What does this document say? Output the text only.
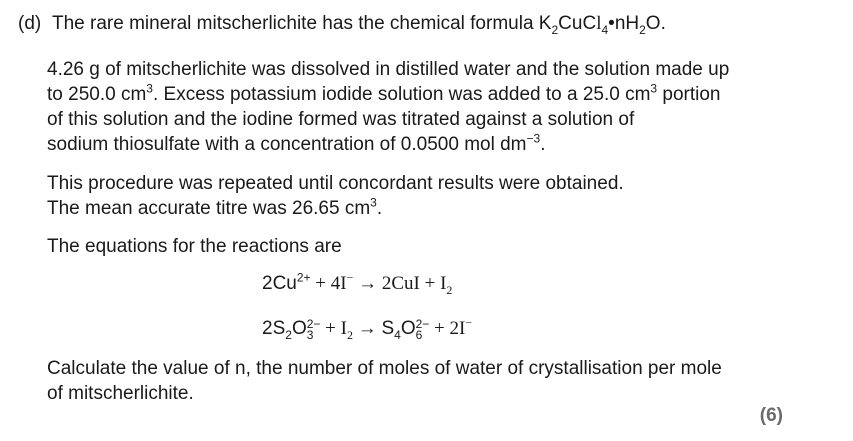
(d) The rare mineral mitscherlichite has the chemical formula $K_2CuCl_4•nH_2O$.
4.26 g of mitscherlichite was dissolved in distilled water and the solution made up
to 250.0 $cm^3$. Excess potassium iodide solution was added to a 25.0 $cm^3$ portion
of this solution and the iodine formed was titrated against a solution of
sodium thiosulfate with a concentration of 0.0500 mol $dm^{-3}$.
This procedure was repeated until concordant results were obtained.
The mean accurate titre was 26.65 $cm^3$.
The equations for the reactions are
$2Cu^{2+} + 4I^- \to 2CuI + I_2$
$2S_2O$ 2−
$3 + I_2 \to S_4O$ 2−
6 + 2I−
Calculate the value of n, the number of moles of water of crystallisation per mole
of mitscherlichite.
(6)
